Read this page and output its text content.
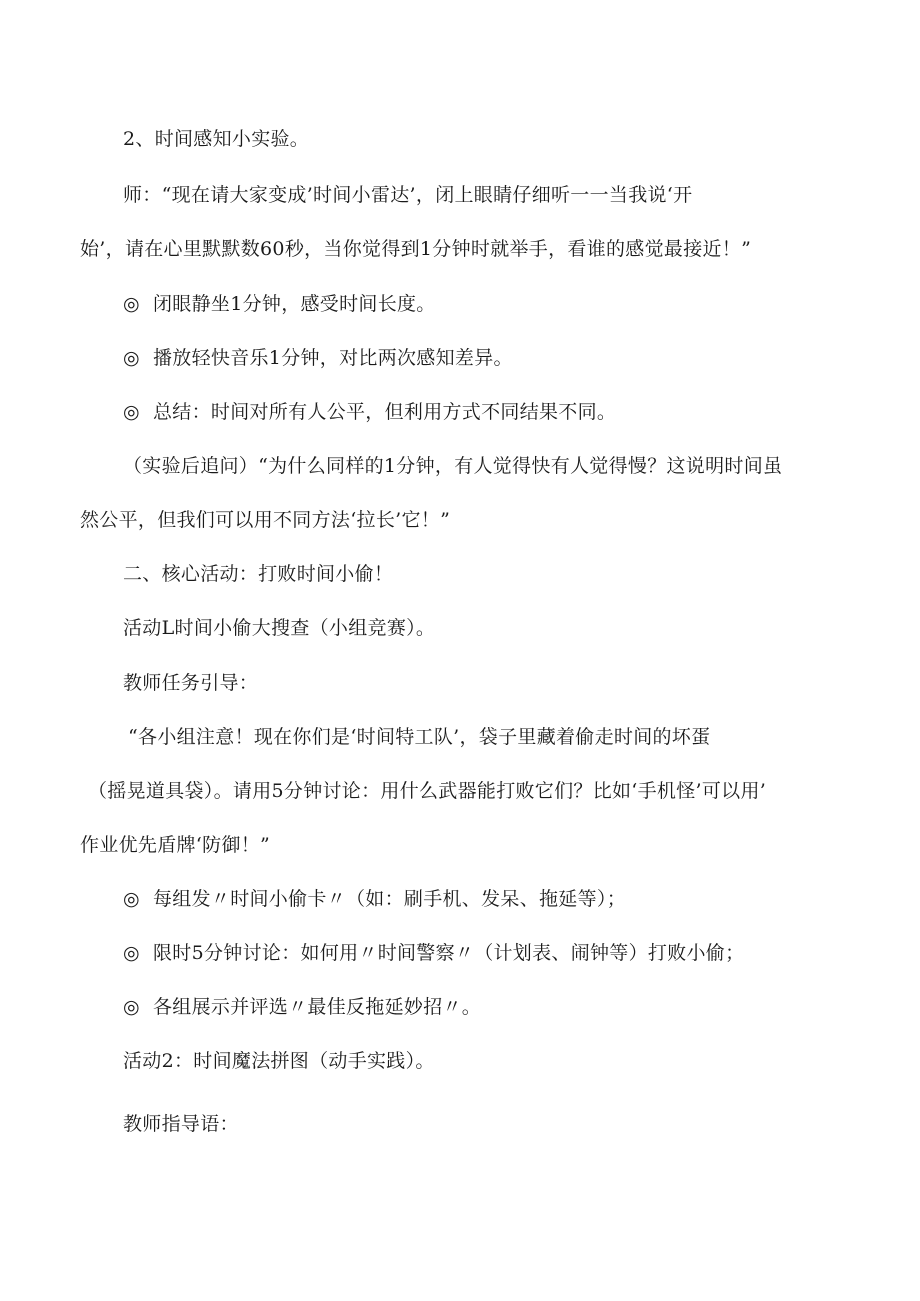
2、时间感知小实验。
师：“现在请大家变成’时间小雷达’，闭上眼睛仔细听一一当我说‘开
始’，请在心里默默数60秒，当你觉得到1分钟时就举手，看谁的感觉最接近！”
◎ 闭眼静坐1分钟，感受时间长度。
◎ 播放轻快音乐1分钟，对比两次感知差异。
◎ 总结：时间对所有人公平，但利用方式不同结果不同。
（实验后追问）“为什么同样的1分钟，有人觉得快有人觉得慢？这说明时间虽
然公平，但我们可以用不同方法‘拉长’它！”
二、核心活动：打败时间小偷！
活动L时间小偷大搜查（小组竞赛）。
教师任务引导：
“各小组注意！现在你们是‘时间特工队’，袋子里藏着偷走时间的坏蛋
（摇晃道具袋）。请用5分钟讨论：用什么武器能打败它们？比如‘手机怪’可以用’
作业优先盾牌‘防御！”
◎ 每组发〃时间小偷卡〃（如：刷手机、发呆、拖延等）；
◎ 限时5分钟讨论：如何用〃时间警察〃（计划表、闹钟等）打败小偷；
◎ 各组展示并评选〃最佳反拖延妙招〃。
活动2：时间魔法拼图（动手实践）。
教师指导语：
